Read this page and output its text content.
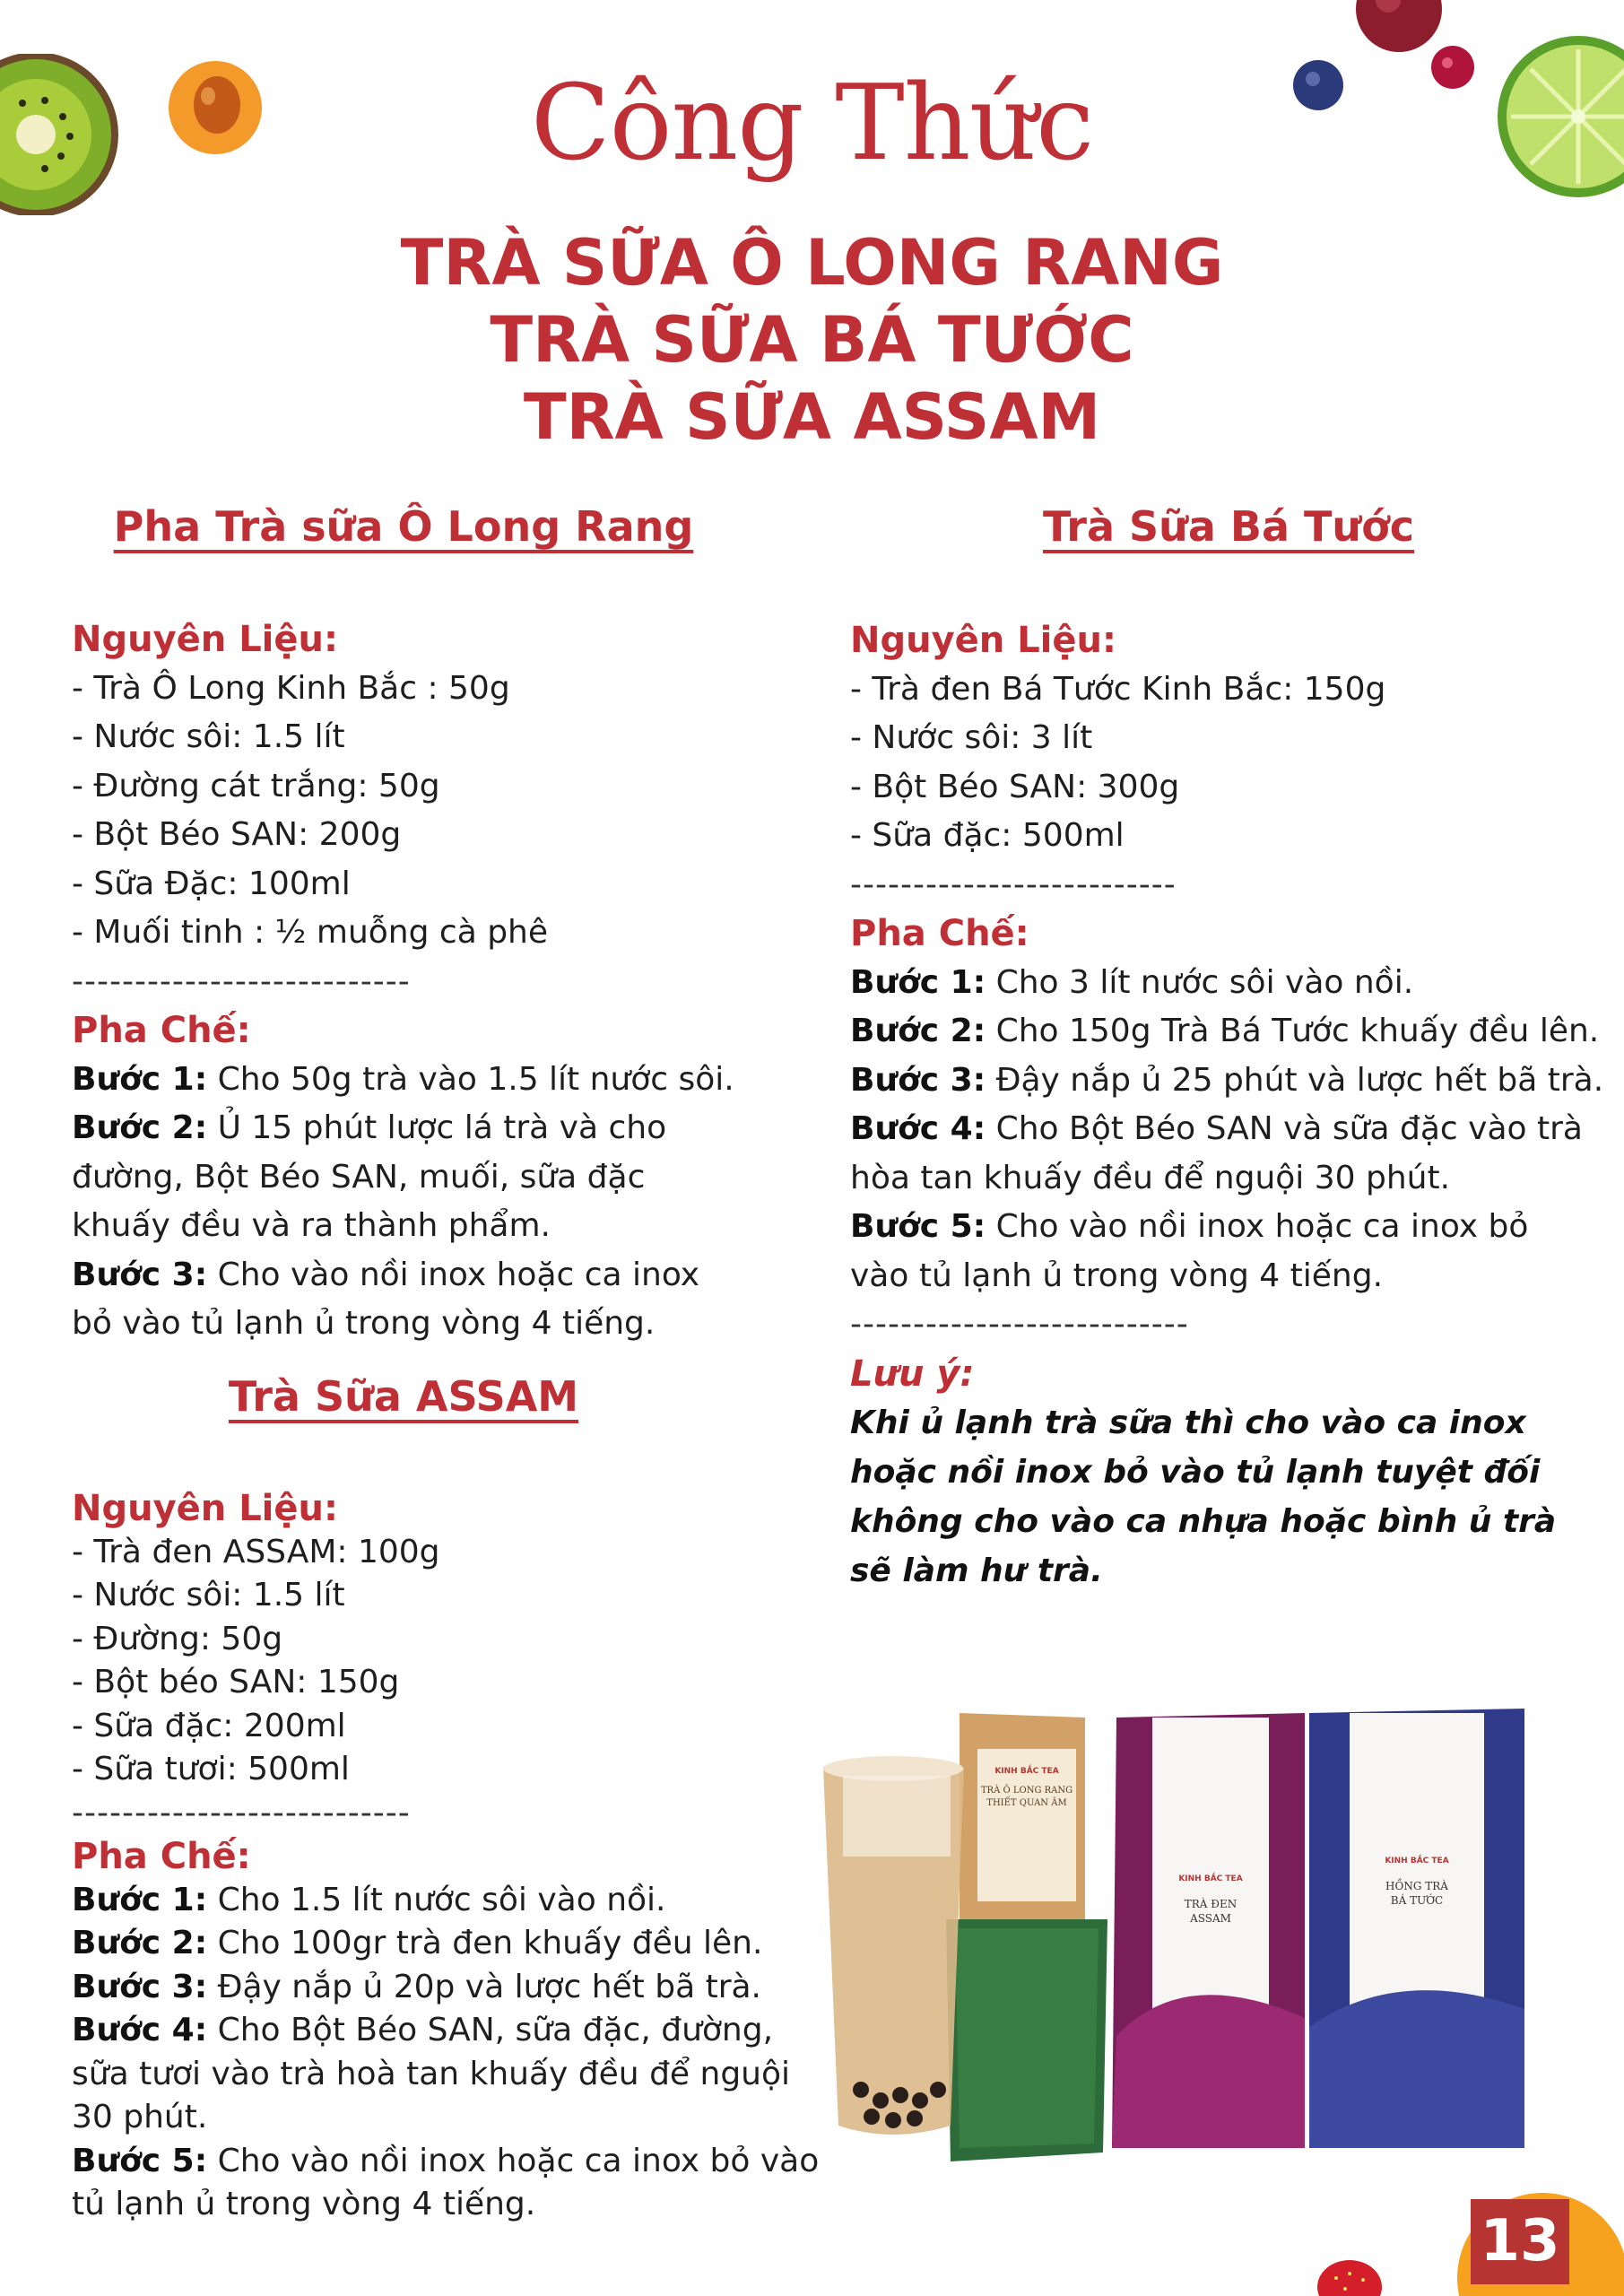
Công Thức
TRÀ SỮA Ô LONG RANG
TRÀ SỮA BÁ TƯỚC
TRÀ SỮA ASSAM
Pha Trà sữa Ô Long Rang	Trà Sữa Bá Tước
Trà Sữa ASSAM
Nguyên Liệu:
- Trà Ô Long Kinh Bắc : 50g
- Nước sôi: 1.5 lít
- Đường cát trắng: 50g
- Bột Béo SAN: 200g
- Sữa Đặc: 100ml
- Muối tinh : ½ muỗng cà phê
---------------------------
Pha Chế:
Bước 1: Cho 50g trà vào 1.5 lít nước sôi.
Bước 2: Ủ 15 phút lược lá trà và cho
đường, Bột Béo SAN, muối, sữa đặc
khuấy đều và ra thành phẩm.
Bước 3: Cho vào nồi inox hoặc ca inox
bỏ vào tủ lạnh ủ trong vòng 4 tiếng.
Nguyên Liệu:
- Trà đen Bá Tước Kinh Bắc: 150g
- Nước sôi: 3 lít
- Bột Béo SAN: 300g
- Sữa đặc: 500ml
--------------------------
Pha Chế:
Bước 1: Cho 3 lít nước sôi vào nồi.
Bước 2: Cho 150g Trà Bá Tước khuấy đều lên.
Bước 3: Đậy nắp ủ 25 phút và lược hết bã trà.
Bước 4: Cho Bột Béo SAN và sữa đặc vào trà
hòa tan khuấy đều để nguội 30 phút.
Bước 5: Cho vào nồi inox hoặc ca inox bỏ
vào tủ lạnh ủ trong vòng 4 tiếng.
---------------------------
Lưu ý:
Khi ủ lạnh trà sữa thì cho vào ca inox
hoặc nồi inox bỏ vào tủ lạnh tuyệt đối
không cho vào ca nhựa hoặc bình ủ trà
sẽ làm hư trà.
Nguyên Liệu:
- Trà đen ASSAM: 100g
- Nước sôi: 1.5 lít
- Đường: 50g
- Bột béo SAN: 150g
- Sữa đặc: 200ml
- Sữa tươi: 500ml
---------------------------
Pha Chế:
Bước 1: Cho 1.5 lít nước sôi vào nồi.
Bước 2: Cho 100gr trà đen khuấy đều lên.
Bước 3: Đậy nắp ủ 20p và lược hết bã trà.
Bước 4: Cho Bột Béo SAN, sữa đặc, đường,
sữa tươi vào trà hoà tan khuấy đều để nguội
30 phút.
Bước 5: Cho vào nồi inox hoặc ca inox bỏ vào
tủ lạnh ủ trong vòng 4 tiếng.
KINH BẮC TEA
TRÀ Ô LONG RANG
THIẾT QUAN ÂM
KINH BẮC TEA
TRÀ ĐEN
ASSAM
KINH BẮC TEA
HỒNG TRÀ
BÁ TƯỚC
13
